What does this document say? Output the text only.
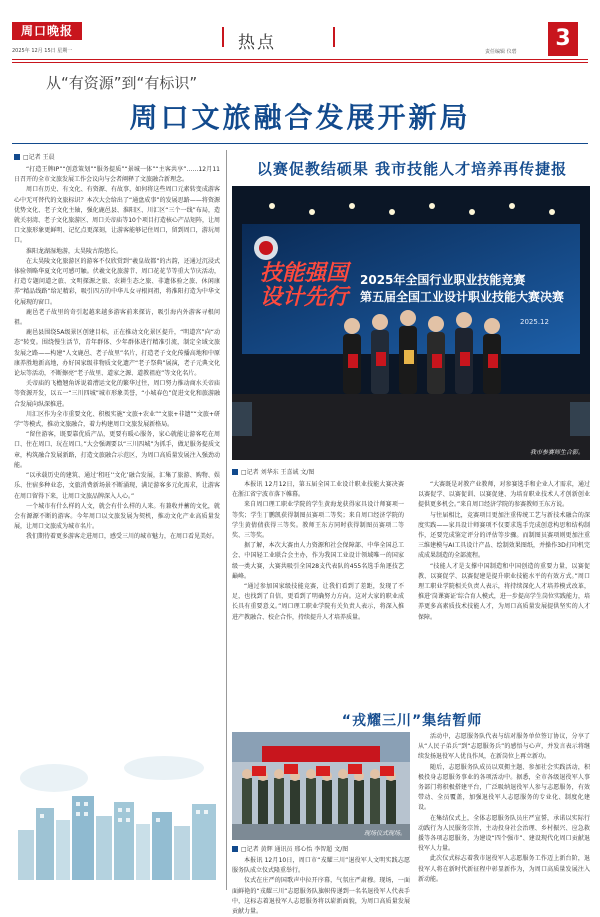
周口晚报
2025年 12月 15日 星期一	热点	责任编辑 仪碧
3
从“有资源”到“有标识”
周口文旅融合发展开新局
□记者 王晨

“打造王牌IP”“创意策划”“服务提质”“景城一体”“主客共享”……12月11日召开的全市文旅发展工作会议向与会者阐释了文旅融合新理念。

周口有历史、有文化、有资源、有故事，如何将这些周口元素转变成游客心中无可替代的文旅标识？本次大会给出了“通盘成事”的发展思路——将资源优势文化、老子文化主轴，强化鹿邑县、淮阳区、川汇区“三个一线”布局，造就关羽湾、老子文化旅游区、周口关帝庙等10个项目打造核心产品矩阵，让周口文旅形象更鲜明、记忆点更深刻，让游客能够记住周口，留到周口，游玩周口。

淮阳龙湖湿地游，太昊陵古韵悠长。

在太昊陵文化旅游区的游客不仅欣赏到“羲皇故都”的古韵，还通过沉浸式体验领略华夏文化可感可触。伏羲文化旅游节、周口花花节等重大节庆活动，打造专题问道之旅、文明探源之旅、农耕生态之旅、非遗体验之旅、休闲康养“精品线路”给足精彩，吸引四方的中华儿女寻根问祖，将淮阳打造为中华文化展现的窗口。

鹿邑老子故里的奇引起越来越多游客前来探访，吸引海内外游客寻根问祖。

鹿邑县围绕5A级景区创建目标，正在推动文化景区提升，“明道宫”向“动态”转变。围绕慢生活节，青年群体、少年群体进行精准引流，制定全域文旅发展之路——构建“人文鹿邑、老子故里”名片，打造老子文化传播高地和中原康养胜地新高地，办好国家级非物质文化遗产“老子祭典”展演，老子元典文化论坛等活动，不断擦亮“老子故里、道家之源、道教祖庭”等文化名片。

关帝庙的飞檐翘角诉说着漕运文化的繁华过往，周口努力推动商水关帝庙等资源开发，以五一“三川四城”城市形象美誉，“小城春色”促进文化和旅游融合发展向纵深推进。

川汇区作为全市重要文化、积极实施“文旅+农业”“文旅+非遗”“文旅+研学”等模式，推动文旅融合，着力构建周口文旅发展新格局。

“留住游客，既要靠优质产品，更要有暖心服务，家心就能让游客吃在周口、住在周口、玩在周口。”大会强调要以“三川四城”为抓手，做足服务提质文章，构筑融合发展新路，打造文旅融合示范区，为周口高质量发展注入强劲动能。

“以承载历史的建筑、通过‘租旺’‘文化’融合发展，汇集了旅游、购物、娱乐、住宿多种业态，文旅消费新场景不断涌现，满足游客多元化需求，让游客在周口留得下来，让周口文旅品牌深入人心。”

一个城市有什么样的人文，就会有什么样的人来。有兼收并蓄的文化，就会有源源不断的游客。今年周口以文旅发展为契机，推动文化产业高质量发展，让周口文旅成为城市名片。

我们期待着更多游客走进周口，感受三川的城市魅力，在周口看见美好。

以赛促教结硕果 我市技能人才培养再传捷报
技能强国
设计先行
2025年全国行业职业技能竞赛
第五届全国工业设计职业技能大赛决赛
2025.12
我市参赛师生合影。
□记者 刘华东 王喜诚 文/图

本报讯 12月12日，第五届全国工业设计职业技能大赛决赛在浙江省宁波市落下帷幕。

来自周口理工职业学院的学生黄海龙获得家具设计师赛项一等奖；学生丁鹏凯获得制图员赛项二等奖；来自周口经济学院的学生黄倩倩获得三等奖。教师王东方同时获得制图员赛项二等奖、三等奖。

据了解，本次大赛由人力资源和社会保障部、中华全国总工会、中国轻工业联合会主办，作为我国工业设计领域唯一的国家级一类大赛，大赛共吸引全国28支代表队的455名选手角逐技艺巅峰。

“通过参加国家级技能竞赛，让我们看到了差距，发现了不足，也找到了自信，更看到了明确努力方向。这对大家的职业成长具有重要意义。”周口理工职业学院有关负责人表示，将深入推进产教融合、校企合作，持续提升人才培养质量。

“大赛既是对教产业教师，对参赛选手和企业人才需求，通过以赛促学、以赛促训、以赛促建、为培育职业技术人才创新创业提供更多机会。”来自周口经济学院的参赛教师王东方说。

与往届相比，竞赛项目更加注重传统工艺与新技术融合的深度实践——家具设计师赛项不仅要求选手完成创意构思和结构制作，还要完成鉴定评分的评估等步骤。而制图员赛项则更加注重三维建模与AI工具设计产品、绘制效果图纸，并操作3D打印机完成成果制造的全部流程。

“技能人才是支撑中国制造和中国创造的重要力量，以赛促教、以赛促学、以赛促建是提升职业技能水平的有效方式。”周口理工职业学院相关负责人表示，将持续深化人才培养模式改革，推进‘岗课赛证’综合育人模式，进一步提高学生岗位实践能力，培养更多高素质技术技能人才，为周口高质量发展提供坚实的人才保障。

“戎耀三川”集结暂师
现场仪式现场。
□记者 黄辉 通讯员 邢心怡 李智超 文/图

本报讯 12月10日，周口市“戎耀三川”退役军人文明实践志愿服务队成立仪式隆重举行。

仪式在庄严的国歌声中拉开序幕，气氛庄严肃穆。现场，一面面鲜艳的“戎耀三川”志愿服务队旗帜传递到一名名退役军人代表手中，这标志着退役军人志愿服务将以崭新面貌，为周口高质量发展贡献力量。

活动中，志愿服务队代表与结对服务单位签订协议，分享了从“人民子弟兵”到“志愿服务兵”的感悟与心声，并发言表示将继续发扬退役军人优良作风，在新岗位上再立新功。

随后，志愿服务队成员以双拥主题、参加社会实践活动，积极投身志愿服务事业的各项活动中。据悉，全市各级退役军人事务部门将积极搭建平台，广泛吸纳退役军人参与志愿服务，有效带动、全员覆盖，加强退役军人志愿服务的专业化、制度化建设。

在集结仪式上，全体志愿服务队员庄严宣誓，承诺以实际行动践行为人民服务宗旨，主动投身社会治理、乡村振兴、应急救援等各项志愿服务，为建设“四个强市”、建设现代化周口贡献退役军人力量。

此次仪式标志着我市退役军人志愿服务工作迈上新台阶，退役军人将在新时代新征程中彰显新作为，为周口高质量发展注入新动能。
